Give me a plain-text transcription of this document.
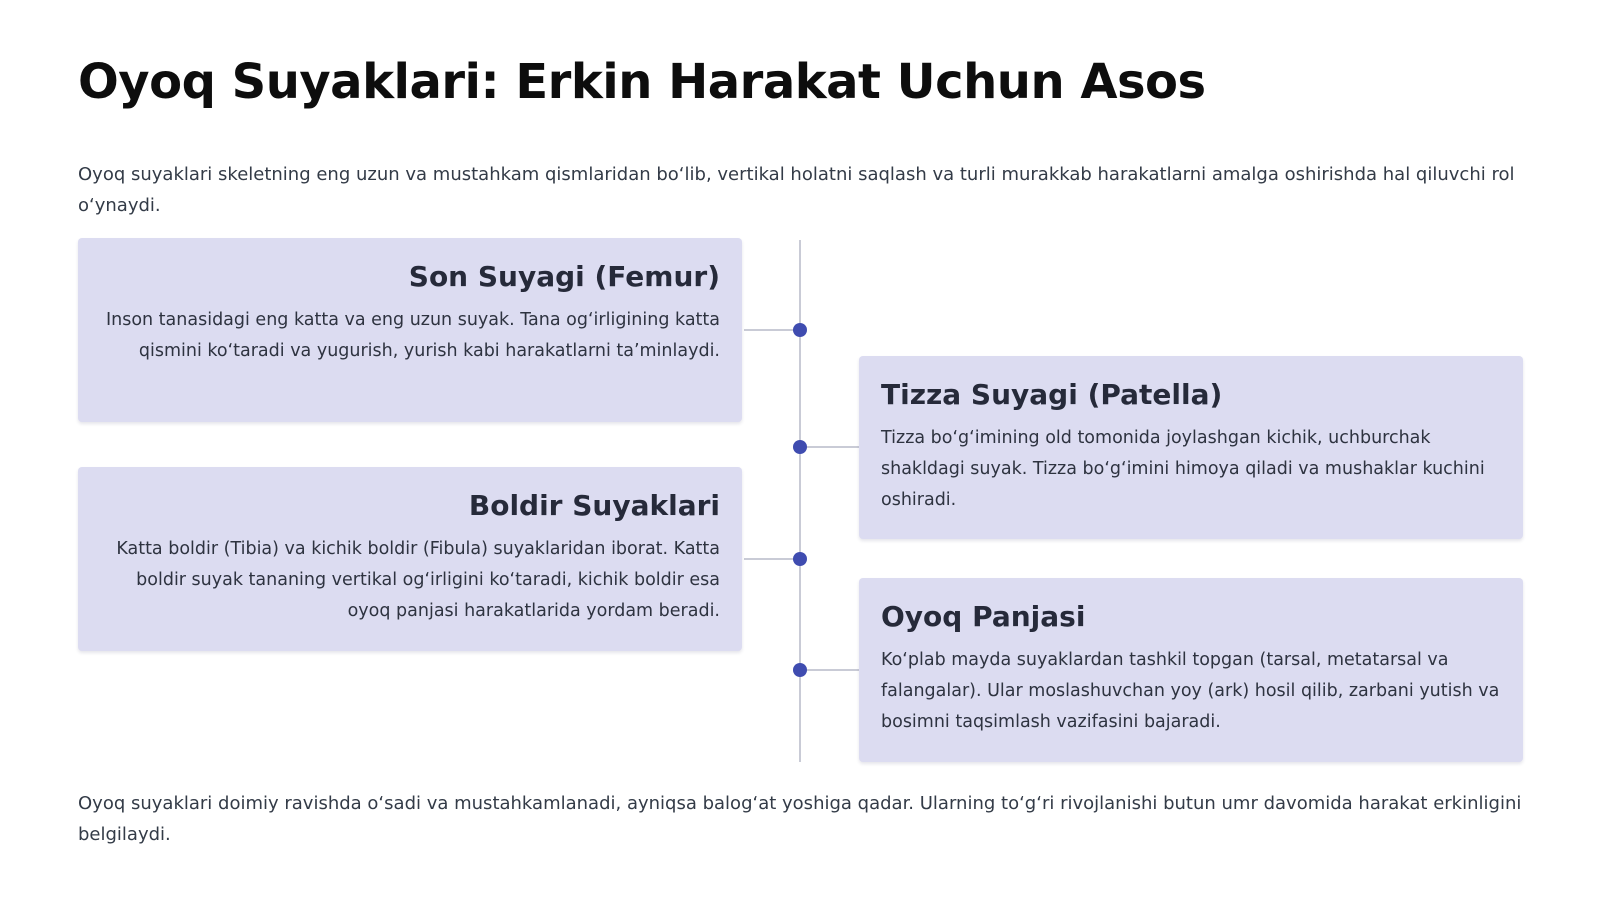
Oyoq Suyaklari: Erkin Harakat Uchun Asos

Oyoq suyaklari skeletning eng uzun va mustahkam qismlaridan bo‘lib, vertikal holatni saqlash va turli murakkab harakatlarni amalga oshirishda hal qiluvchi rol o‘ynaydi.

Son Suyagi (Femur)

Inson tanasidagi eng katta va eng uzun suyak. Tana og‘irligining katta qismini ko‘taradi va yugurish, yurish kabi harakatlarni ta’minlaydi.

Tizza Suyagi (Patella)

Tizza bo‘g‘imining old tomonida joylashgan kichik, uchburchak shakldagi suyak. Tizza bo‘g‘imini himoya qiladi va mushaklar kuchini oshiradi.

Boldir Suyaklari

Katta boldir (Tibia) va kichik boldir (Fibula) suyaklaridan iborat. Katta boldir suyak tananing vertikal og‘irligini ko‘taradi, kichik boldir esa oyoq panjasi harakatlarida yordam beradi.	Oyoq Panjasi

Ko‘plab mayda suyaklardan tashkil topgan (tarsal, metatarsal va falangalar). Ular moslashuvchan yoy (ark) hosil qilib, zarbani yutish va bosimni taqsimlash vazifasini bajaradi.

Oyoq suyaklari doimiy ravishda o‘sadi va mustahkamlanadi, ayniqsa balog‘at yoshiga qadar. Ularning to‘g‘ri rivojlanishi butun umr davomida harakat erkinligini belgilaydi.
